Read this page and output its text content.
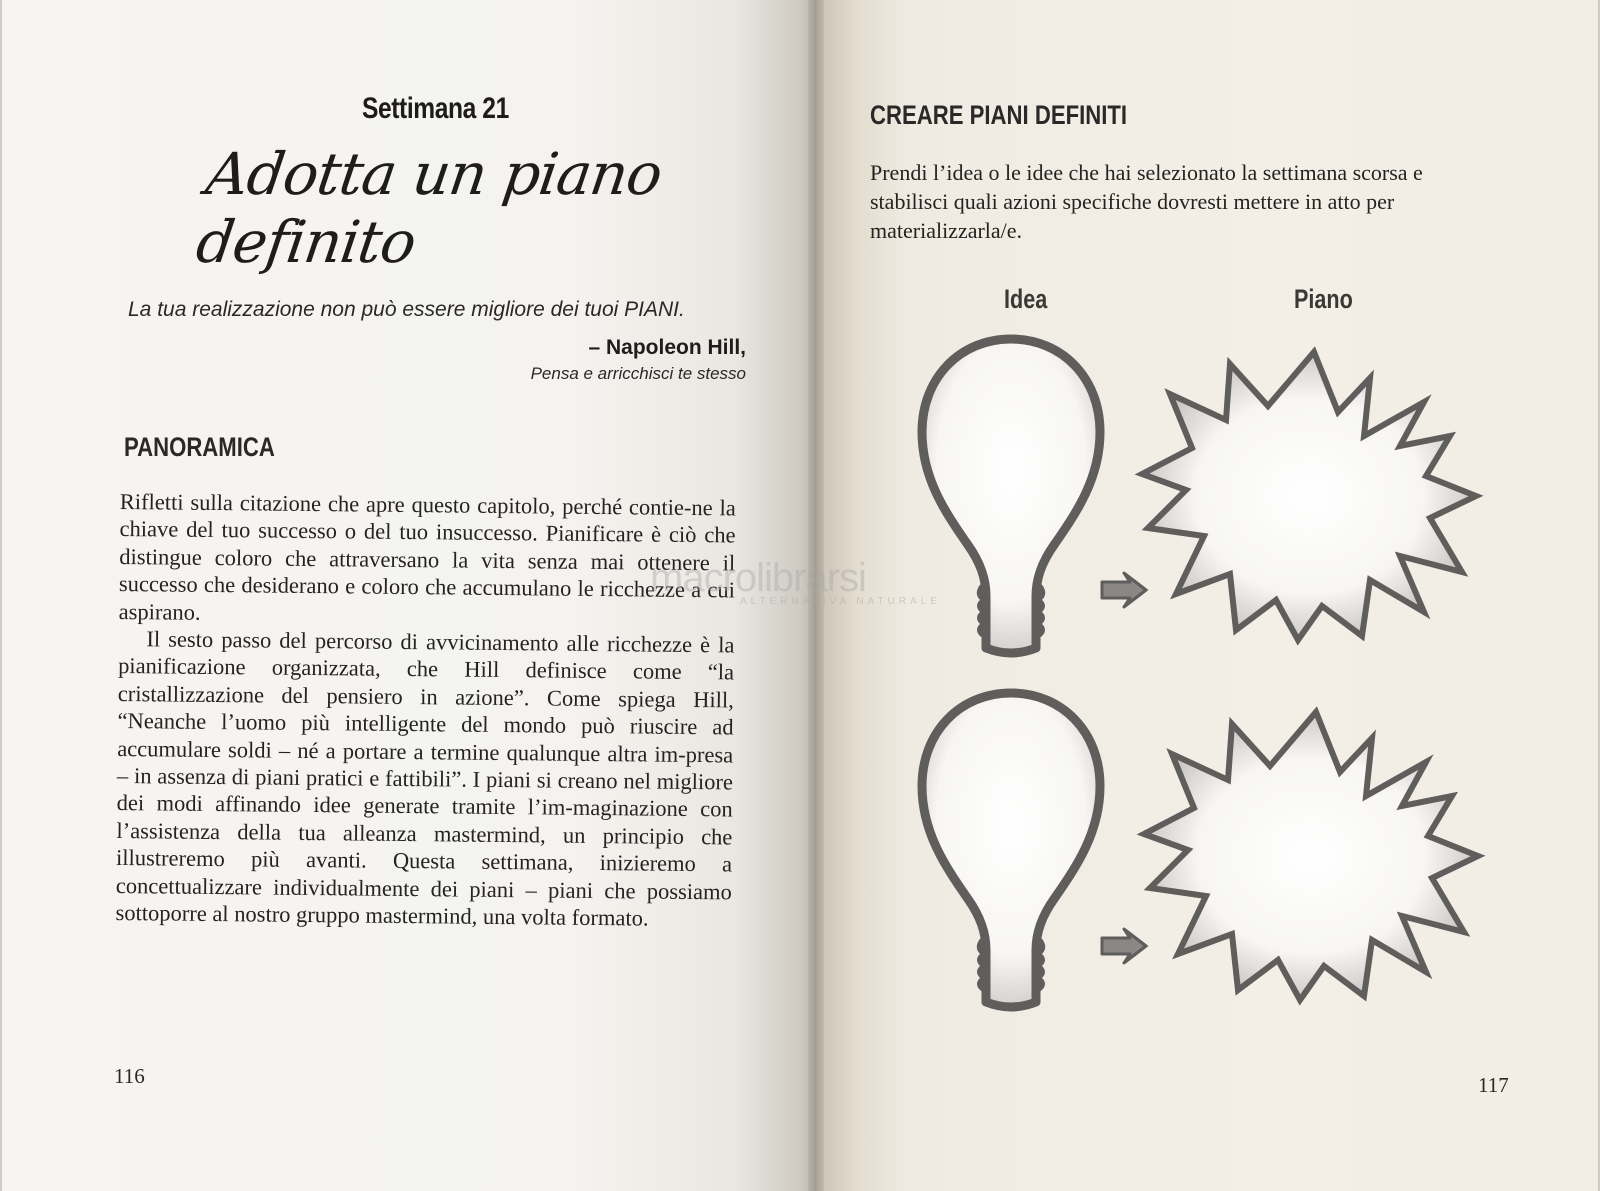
Settimana 21
Adotta un piano definito
La tua realizzazione non può essere migliore dei tuoi PIANI.
– Napoleon Hill,
Pensa e arricchisci te stesso
PANORAMICA

Rifletti sulla citazione che apre questo capitolo, perché contie-ne la chiave del tuo successo o del tuo insuccesso. Pianificare è ciò che distingue coloro che attraversano la vita senza mai ottenere il successo che desiderano e coloro che accumulano le ricchezze a cui aspirano.

Il sesto passo del percorso di avvicinamento alle ricchezze è la pianificazione organizzata, che Hill definisce come “la cristallizzazione del pensiero in azione”. Come spiega Hill, “Neanche l’uomo più intelligente del mondo può riuscire ad accumulare soldi – né a portare a termine qualunque altra im-presa – in assenza di piani pratici e fattibili”. I piani si creano nel migliore dei modi affinando idee generate tramite l’im-maginazione con l’assistenza della tua alleanza mastermind, un principio che illustreremo più avanti. Questa settimana, inizieremo a concettualizzare individualmente dei piani – piani che possiamo sottoporre al nostro gruppo mastermind, una volta formato.

116
CREARE PIANI DEFINITI
117
Prendi l’idea o le idee che hai selezionato la settimana scorsa e stabilisci quali azioni specifiche dovresti mettere in atto per materializzarla/e.
Idea	Piano
macrolibrarsi
ALTERNATIVA NATURALE
